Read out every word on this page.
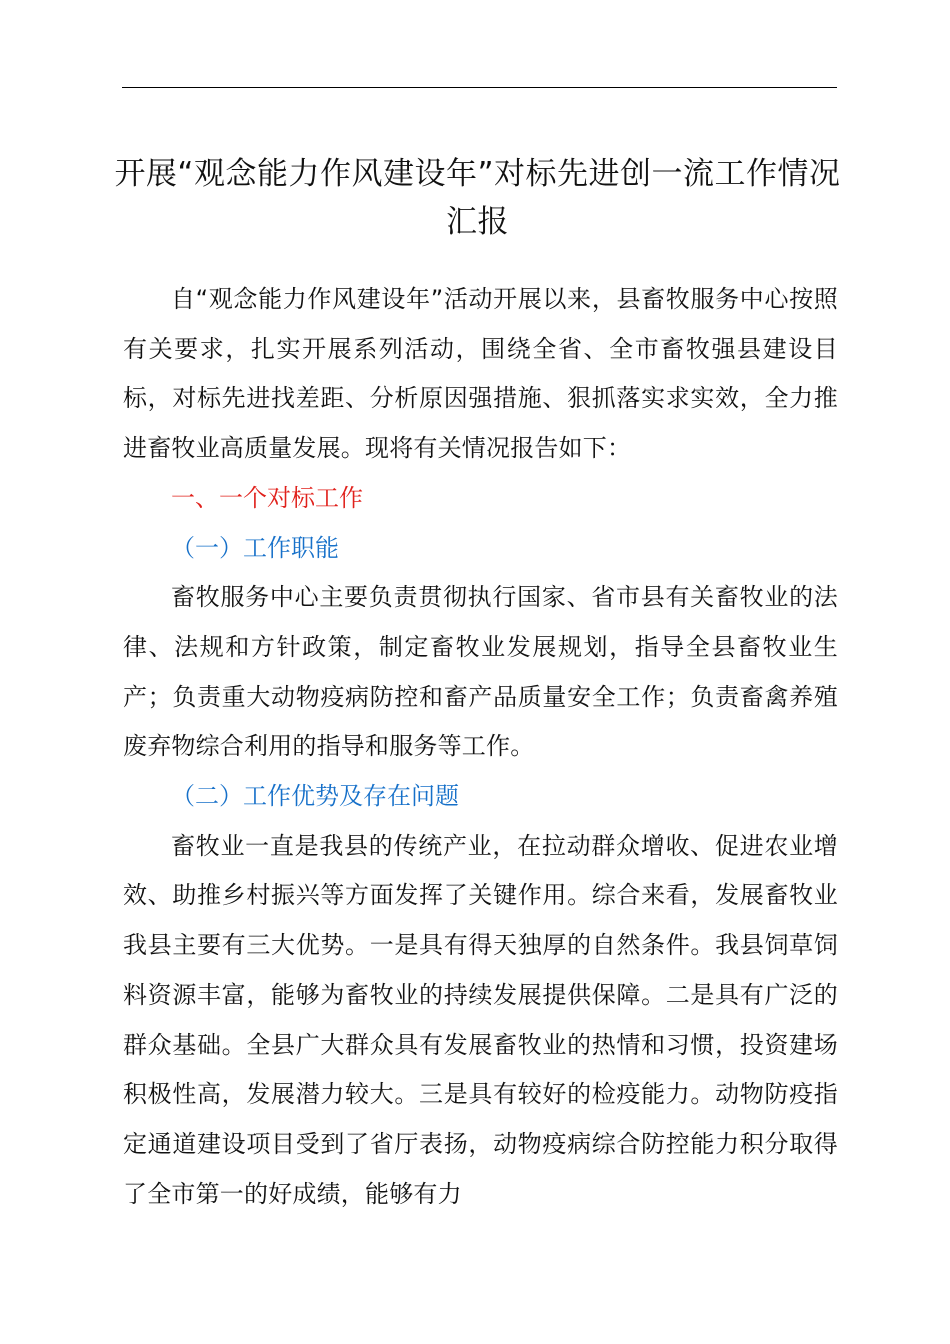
开展“观念能力作风建设年”对标先进创一流工作情况汇报

自“观念能力作风建设年”活动开展以来，县畜牧服务中心按照有关要求，扎实开展系列活动，围绕全省、全市畜牧强县建设目标，对标先进找差距、分析原因强措施、狠抓落实求实效，全力推进畜牧业高质量发展。现将有关情况报告如下：

一、一个对标工作

（一）工作职能

畜牧服务中心主要负责贯彻执行国家、省市县有关畜牧业的法律、法规和方针政策，制定畜牧业发展规划，指导全县畜牧业生产；负责重大动物疫病防控和畜产品质量安全工作；负责畜禽养殖废弃物综合利用的指导和服务等工作。

（二）工作优势及存在问题

畜牧业一直是我县的传统产业，在拉动群众增收、促进农业增效、助推乡村振兴等方面发挥了关键作用。综合来看，发展畜牧业我县主要有三大优势。一是具有得天独厚的自然条件。我县饲草饲料资源丰富，能够为畜牧业的持续发展提供保障。二是具有广泛的群众基础。全县广大群众具有发展畜牧业的热情和习惯，投资建场积极性高，发展潜力较大。三是具有较好的检疫能力。动物防疫指定通道建设项目受到了省厅表扬，动物疫病综合防控能力积分取得了全市第一的好成绩，能够有力
